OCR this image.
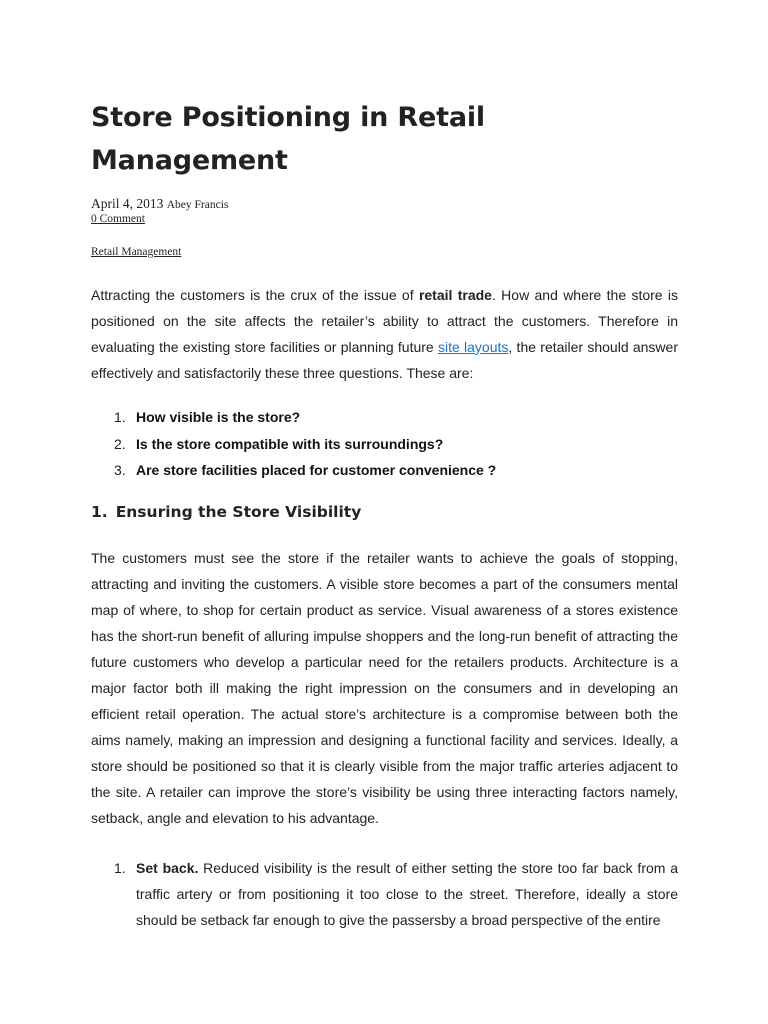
Store Positioning in Retail Management
April 4, 2013 Abey Francis
0 Comment
Retail Management

Attracting the customers is the crux of the issue of retail trade. How and where the store is positioned on the site affects the retailer’s ability to attract the customers. Therefore in evaluating the existing store facilities or planning future site layouts, the retailer should answer effectively and satisfactorily these three questions. These are:

1. How visible is the store?
2. Is the store compatible with its surroundings?
3. Are store facilities placed for customer convenience ?
1. Ensuring the Store Visibility

The customers must see the store if the retailer wants to achieve the goals of stopping, attracting and inviting the customers. A visible store becomes a part of the consumers mental map of where, to shop for certain product as service. Visual awareness of a stores existence has the short-run benefit of alluring impulse shoppers and the long-run benefit of attracting the future customers who develop a particular need for the retailers products. Architecture is a major factor both ill making the right impression on the consumers and in developing an efficient retail operation. The actual store’s architecture is a compromise between both the aims namely, making an impression and designing a functional facility and services. Ideally, a store should be positioned so that it is clearly visible from the major traffic arteries adjacent to the site. A retailer can improve the store’s visibility be using three interacting factors namely, setback, angle and elevation to his advantage.

1. Set back. Reduced visibility is the result of either setting the store too far back from a traffic artery or from positioning it too close to the street. Therefore, ideally a store should be setback far enough to give the passersby a broad perspective of the entire
